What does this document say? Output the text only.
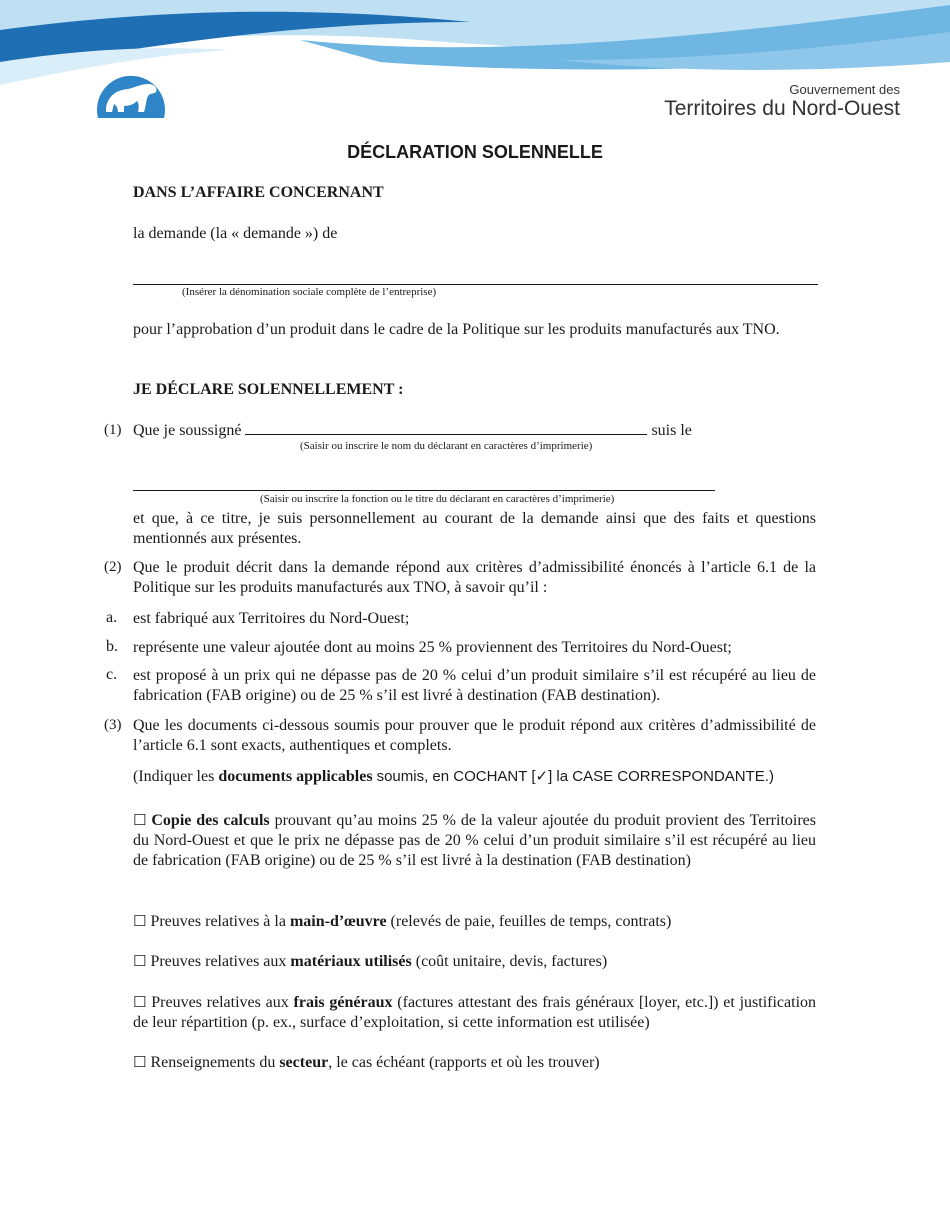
Gouvernement des
Territoires du Nord-Ouest
DÉCLARATION SOLENNELLE
DANS L’AFFAIRE CONCERNANT
la demande (la « demande ») de
(Insérer la dénomination sociale complète de l’entreprise)
pour l’approbation d’un produit dans le cadre de la Politique sur les produits manufacturés aux TNO.
JE DÉCLARE SOLENNELLEMENT :
(1) Que je soussigné	suis le
(Saisir ou inscrire le nom du déclarant en caractères d’imprimerie)
(Saisir ou inscrire la fonction ou le titre du déclarant en caractères d’imprimerie)
et que, à ce titre, je suis personnellement au courant de la demande ainsi que des faits et questions mentionnés aux présentes.
(2) Que le produit décrit dans la demande répond aux critères d’admissibilité énoncés à l’article 6.1 de la Politique sur les produits manufacturés aux TNO, à savoir qu’il :
a. est fabriqué aux Territoires du Nord-Ouest;
b. représente une valeur ajoutée dont au moins 25 % proviennent des Territoires du Nord-Ouest;
c. est proposé à un prix qui ne dépasse pas de 20 % celui d’un produit similaire s’il est récupéré au lieu de fabrication (FAB origine) ou de 25 % s’il est livré à destination (FAB destination).
(3) Que les documents ci-dessous soumis pour prouver que le produit répond aux critères d’admissibilité de l’article 6.1 sont exacts, authentiques et complets.
(Indiquer les documents applicables soumis, en COCHANT [✓] la CASE CORRESPONDANTE.)
☐ Copie des calculs prouvant qu’au moins 25 % de la valeur ajoutée du produit provient des Territoires du Nord-Ouest et que le prix ne dépasse pas de 20 % celui d’un produit similaire s’il est récupéré au lieu de fabrication (FAB origine) ou de 25 % s’il est livré à la destination (FAB destination)
☐ Preuves relatives à la main-d’œuvre (relevés de paie, feuilles de temps, contrats)
☐ Preuves relatives aux matériaux utilisés (coût unitaire, devis, factures)
☐ Preuves relatives aux frais généraux (factures attestant des frais généraux [loyer, etc.]) et justification de leur répartition (p. ex., surface d’exploitation, si cette information est utilisée)
☐ Renseignements du secteur, le cas échéant (rapports et où les trouver)
